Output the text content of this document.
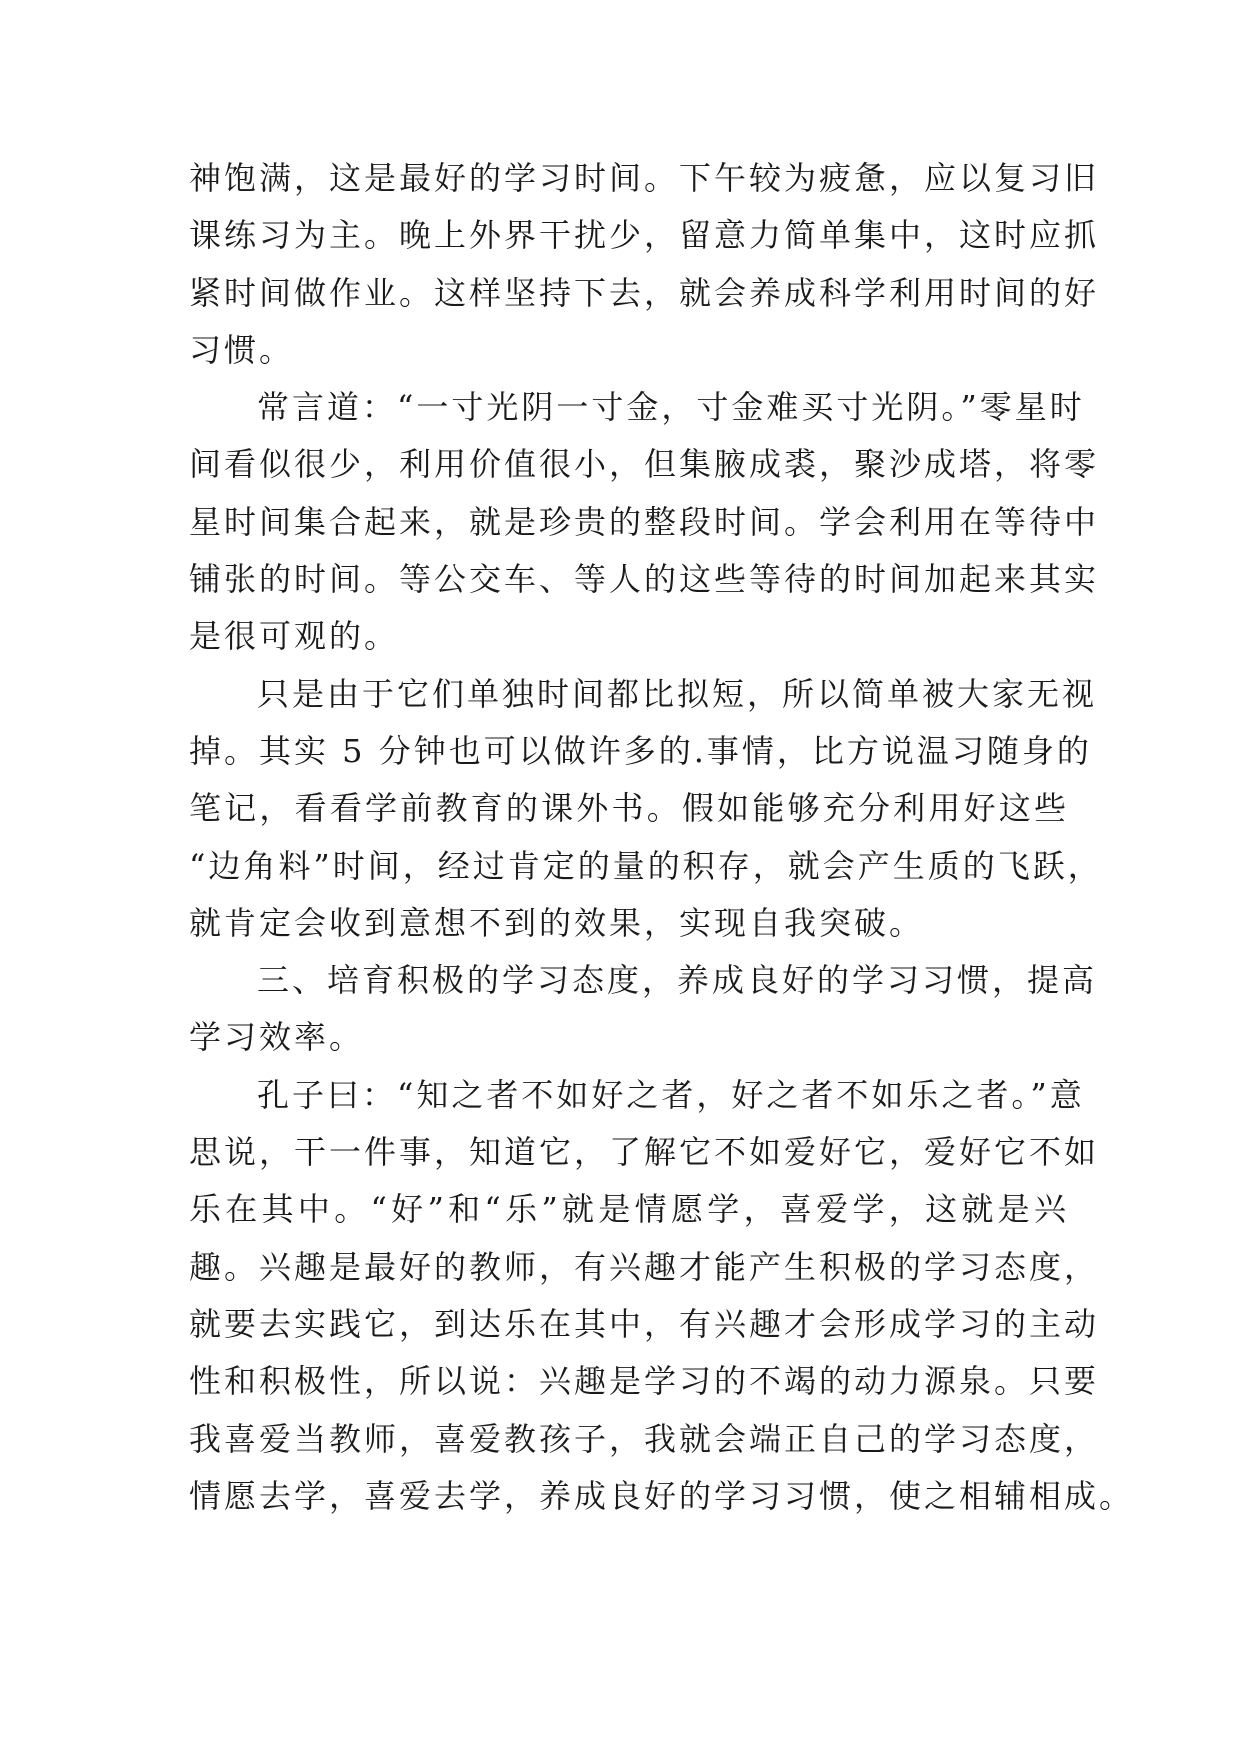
神饱满，这是最好的学习时间。下午较为疲惫，应以复习旧
课练习为主。晚上外界干扰少，留意力简单集中，这时应抓
紧时间做作业。这样坚持下去，就会养成科学利用时间的好
习惯。
常言道：“一寸光阴一寸金，寸金难买寸光阴。”零星时
间看似很少，利用价值很小，但集腋成裘，聚沙成塔，将零
星时间集合起来，就是珍贵的整段时间。学会利用在等待中
铺张的时间。等公交车、等人的这些等待的时间加起来其实
是很可观的。
只是由于它们单独时间都比拟短，所以简单被大家无视
掉。其实 5 分钟也可以做许多的.事情，比方说温习随身的
笔记，看看学前教育的课外书。假如能够充分利用好这些
“边角料”时间，经过肯定的量的积存，就会产生质的飞跃，
就肯定会收到意想不到的效果，实现自我突破。
三、培育积极的学习态度，养成良好的学习习惯，提高
学习效率。
孔子曰：“知之者不如好之者，好之者不如乐之者。”意
思说，干一件事，知道它，了解它不如爱好它，爱好它不如
乐在其中。“好”和“乐”就是情愿学，喜爱学，这就是兴
趣。兴趣是最好的教师，有兴趣才能产生积极的学习态度，
就要去实践它，到达乐在其中，有兴趣才会形成学习的主动
性和积极性，所以说：兴趣是学习的不竭的动力源泉。只要
我喜爱当教师，喜爱教孩子，我就会端正自己的学习态度，
情愿去学，喜爱去学，养成良好的学习习惯，使之相辅相成。
